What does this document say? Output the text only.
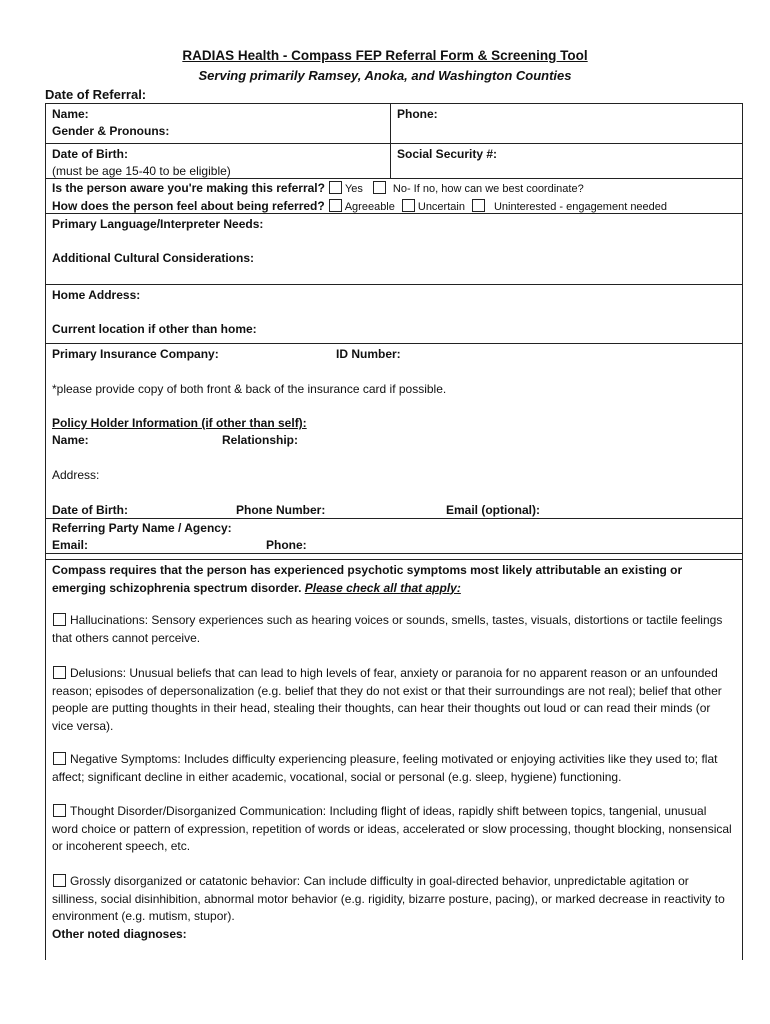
RADIAS Health - Compass FEP Referral Form & Screening Tool
Serving primarily Ramsey, Anoka, and Washington Counties
Date of Referral:
Name:	Phone:
Gender & Pronouns:
Date of Birth:
(must be age 15-40 to be eligible)
Social Security #:
Is the person aware you're making this referral? Yes	No- If no, how can we best coordinate?
How does the person feel about being referred? Agreeable Uncertain	Uninterested - engagement needed
Primary Language/Interpreter Needs:
Additional Cultural Considerations:
Home Address:
Current location if other than home:
Primary Insurance Company:	ID Number:
*please provide copy of both front & back of the insurance card if possible.
Policy Holder Information (if other than self):
Name:	Relationship:
Address:
Date of Birth:	Phone Number:	Email (optional):
Referring Party Name / Agency:
Email:	Phone:
Compass requires that the person has experienced psychotic symptoms most likely attributable an existing or emerging schizophrenia spectrum disorder. Please check all that apply:
Hallucinations: Sensory experiences such as hearing voices or sounds, smells, tastes, visuals, distortions or tactile feelings that others cannot perceive.
Delusions: Unusual beliefs that can lead to high levels of fear, anxiety or paranoia for no apparent reason or an unfounded reason; episodes of depersonalization (e.g. belief that they do not exist or that their surroundings are not real); belief that other people are putting thoughts in their head, stealing their thoughts, can hear their thoughts out loud or can read their minds (or vice versa).
Negative Symptoms: Includes difficulty experiencing pleasure, feeling motivated or enjoying activities like they used to; flat affect; significant decline in either academic, vocational, social or personal (e.g. sleep, hygiene) functioning.
Thought Disorder/Disorganized Communication: Including flight of ideas, rapidly shift between topics, tangenial, unusual word choice or pattern of expression, repetition of words or ideas, accelerated or slow processing, thought blocking, nonsensical or incoherent speech, etc.
Grossly disorganized or catatonic behavior: Can include difficulty in goal-directed behavior, unpredictable agitation or silliness, social disinhibition, abnormal motor behavior (e.g. rigidity, bizarre posture, pacing), or marked decrease in reactivity to environment (e.g. mutism, stupor).
Other noted diagnoses:
